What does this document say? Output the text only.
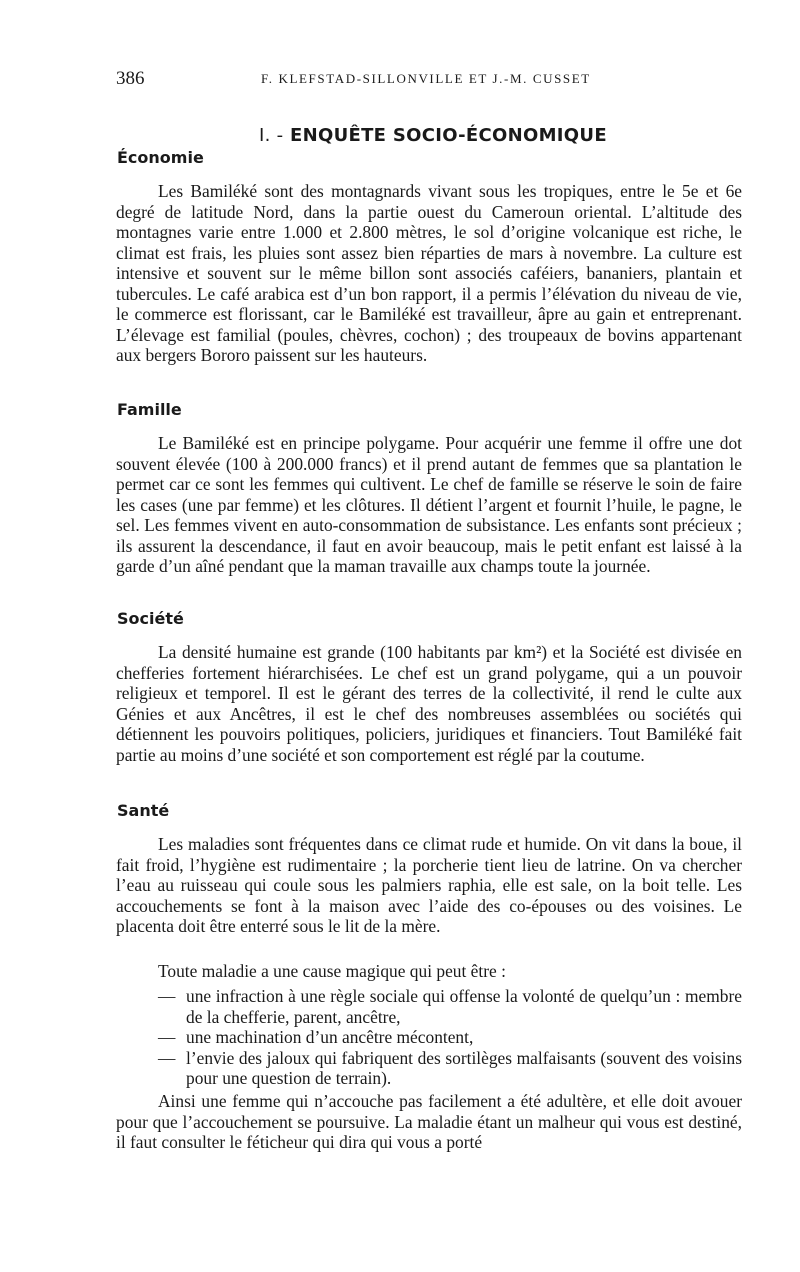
386	F. KLEFSTAD-SILLONVILLE ET J.-M. CUSSET
I. - ENQUÊTE SOCIO-ÉCONOMIQUE
Économie

Les Bamiléké sont des montagnards vivant sous les tropiques, entre le 5e et 6e degré de latitude Nord, dans la partie ouest du Cameroun oriental. L’altitude des montagnes varie entre 1.000 et 2.800 mètres, le sol d’origine volcanique est riche, le climat est frais, les pluies sont assez bien réparties de mars à novembre. La culture est intensive et souvent sur le même billon sont associés caféiers, bananiers, plantain et tubercules. Le café arabica est d’un bon rapport, il a permis l’élévation du niveau de vie, le commerce est florissant, car le Bamiléké est travailleur, âpre au gain et entreprenant. L’élevage est familial (poules, chèvres, cochon) ; des troupeaux de bovins appartenant aux bergers Bororo paissent sur les hauteurs.

Famille

Le Bamiléké est en principe polygame. Pour acquérir une femme il offre une dot souvent élevée (100 à 200.000 francs) et il prend autant de femmes que sa plantation le permet car ce sont les femmes qui cultivent. Le chef de famille se réserve le soin de faire les cases (une par femme) et les clôtures. Il détient l’argent et fournit l’huile, le pagne, le sel. Les femmes vivent en auto-consommation de subsistance. Les enfants sont précieux ; ils assurent la descendance, il faut en avoir beaucoup, mais le petit enfant est laissé à la garde d’un aîné pendant que la maman travaille aux champs toute la journée.

Société

La densité humaine est grande (100 habitants par km²) et la Société est divisée en chefferies fortement hiérarchisées. Le chef est un grand polygame, qui a un pouvoir religieux et temporel. Il est le gérant des terres de la collectivité, il rend le culte aux Génies et aux Ancêtres, il est le chef des nombreuses assemblées ou sociétés qui détiennent les pouvoirs politiques, policiers, juridiques et financiers. Tout Bamiléké fait partie au moins d’une société et son comportement est réglé par la coutume.

Santé

Les maladies sont fréquentes dans ce climat rude et humide. On vit dans la boue, il fait froid, l’hygiène est rudimentaire ; la porcherie tient lieu de latrine. On va chercher l’eau au ruisseau qui coule sous les palmiers raphia, elle est sale, on la boit telle. Les accouchements se font à la maison avec l’aide des co-épouses ou des voisines. Le placenta doit être enterré sous le lit de la mère.

Toute maladie a une cause magique qui peut être :

— une infraction à une règle sociale qui offense la volonté de quelqu’un : membre de la chefferie, parent, ancêtre,
— une machination d’un ancêtre mécontent,
— l’envie des jaloux qui fabriquent des sortilèges malfaisants (souvent des voisins pour une question de terrain).

Ainsi une femme qui n’accouche pas facilement a été adultère, et elle doit avouer pour que l’accouchement se poursuive. La maladie étant un malheur qui vous est destiné, il faut consulter le féticheur qui dira qui vous a porté
